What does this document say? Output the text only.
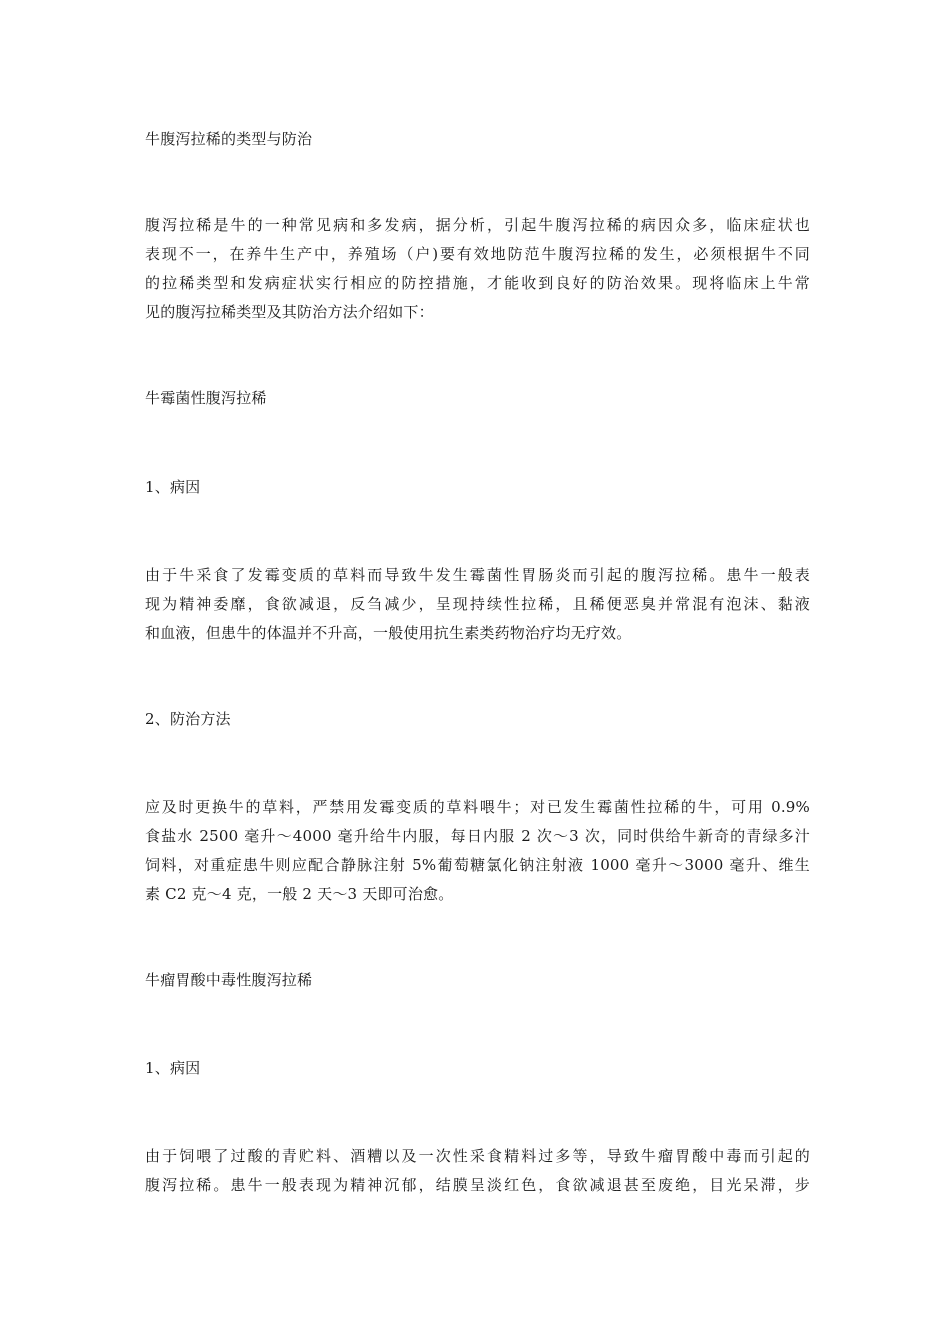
牛腹泻拉稀的类型与防治

腹泻拉稀是牛的一种常见病和多发病，据分析，引起牛腹泻拉稀的病因众多，临床症状也
表现不一，在养牛生产中，养殖场（户)要有效地防范牛腹泻拉稀的发生，必须根据牛不同
的拉稀类型和发病症状实行相应的防控措施，才能收到良好的防治效果。现将临床上牛常
见的腹泻拉稀类型及其防治方法介绍如下：

牛霉菌性腹泻拉稀

1、病因

由于牛采食了发霉变质的草料而导致牛发生霉菌性胃肠炎而引起的腹泻拉稀。患牛一般表
现为精神委靡，食欲减退，反刍减少，呈现持续性拉稀，且稀便恶臭并常混有泡沫、黏液
和血液，但患牛的体温并不升高，一般使用抗生素类药物治疗均无疗效。

2、防治方法

应及时更换牛的草料，严禁用发霉变质的草料喂牛；对已发生霉菌性拉稀的牛，可用 0.9%
食盐水 2500 毫升～4000 毫升给牛内服，每日内服 2 次～3 次，同时供给牛新奇的青绿多汁
饲料，对重症患牛则应配合静脉注射 5%葡萄糖氯化钠注射液 1000 毫升～3000 毫升、维生
素 C2 克～4 克，一般 2 天～3 天即可治愈。

牛瘤胃酸中毒性腹泻拉稀

1、病因

由于饲喂了过酸的青贮料、酒糟以及一次性采食精料过多等，导致牛瘤胃酸中毒而引起的
腹泻拉稀。患牛一般表现为精神沉郁，结膜呈淡红色，食欲减退甚至废绝，目光呆滞，步
